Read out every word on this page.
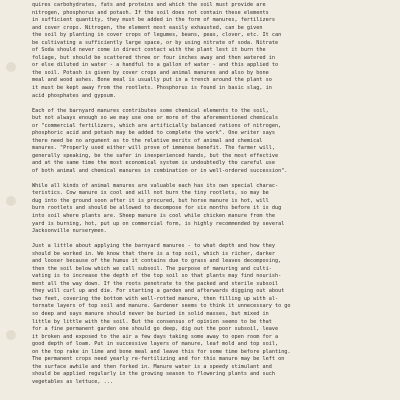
quires carbohydrates, fats and proteins and which the soil must provide are
nitrogen, phosphorus and potash. If the soil does not contain these elements
in sufficient quantity, they must be added in the form of manures, fertilizers
and cover crops. Nitrogen, the element most easily exhausted, can be given
the soil by planting in cover crops of legumes, beans, peas, clover, etc. It can
be cultivating a sufficiently large space, or by using nitrate of soda. Nitrate
of Soda should never come in direct contact with the plant lest it burn the
foliage, but should be scattered three or four inches away and then watered in
or else diluted in water - a handful to a gallon of water - and this applied to
the soil. Potash is given by cover crops and animal manures and also by bone
meal and wood ashes. Bone meal is usually put in a trench around the plant so
it must be kept away from the rootlets. Phosphorus is found in basic slag, in
acid phosphates and gypsum.
Each of the barnyard manures contributes some chemical elements to the soil,
but not always enough so we may use one or more of the aforementioned chemicals
or "commercial fertilizers, which are artificially balanced rations of nitrogen,
phosphoric acid and potash may be added to complete the work". One writer says
there need be no argument as to the relative merits of animal and chemical
manures. "Properly used either will prove of immense benefit. The farmer will,
generally speaking, be the safer in inexperienced hands, but the most effective
and at the same time the most economical system is undoubtedly the careful use
of both animal and chemical manures in combination or in well-ordered succession".
While all kinds of animal manures are valuable each has its own special charac-
teristics. Cow manure is cool and will not burn the tiny rootlets, so may be
dug into the ground soon after it is procured, but horse manure is hot, will
burn rootlets and should be allowed to decompose for six months before it is dug
into soil where plants are. Sheep manure is cool while chicken manure from the
yard is burning, hot, put up on commercial form, is highly recommended by several
Jacksonville nurserymen.
Just a little about applying the barnyard manures - to what depth and how they
should be worked in. We know that there is a top soil, which is richer, darker
and looser because of the humus it contains due to grass and leaves decomposing,
then the soil below which we call subsoil. The purpose of manuring and culti-
vating is to increase the depth of the top soil so that plants may find nourish-
ment all the way down. If the roots penetrate to the packed and sterile subsoil
they will curl up and die. For starting a garden and afterwards digging out about
two feet, covering the bottom with well-rotted manure, then filling up with al-
ternate layers of top soil and manure. Gardener seems to think it unnecessary to go
so deep and says manure should never be buried in solid masses, but mixed in
little by little with the soil. But the consensus of opinion seems to be that
for a fine permanent garden one should go deep, dig out the poor subsoil, leave
it broken and exposed to the air a few days taking some away to open room for a
good depth of loam. Put in successive layers of manure, leaf mold and top soil,
on the top rake in lime and bone meal and leave this for some time before planting.
The permanent crops need yearly re-fertilizing and for this manure may be left on
the surface awhile and then forked in. Manure water is a speedy stimulant and
should be applied regularly in the growing season to flowering plants and such
vegetables as lettuce, ...
